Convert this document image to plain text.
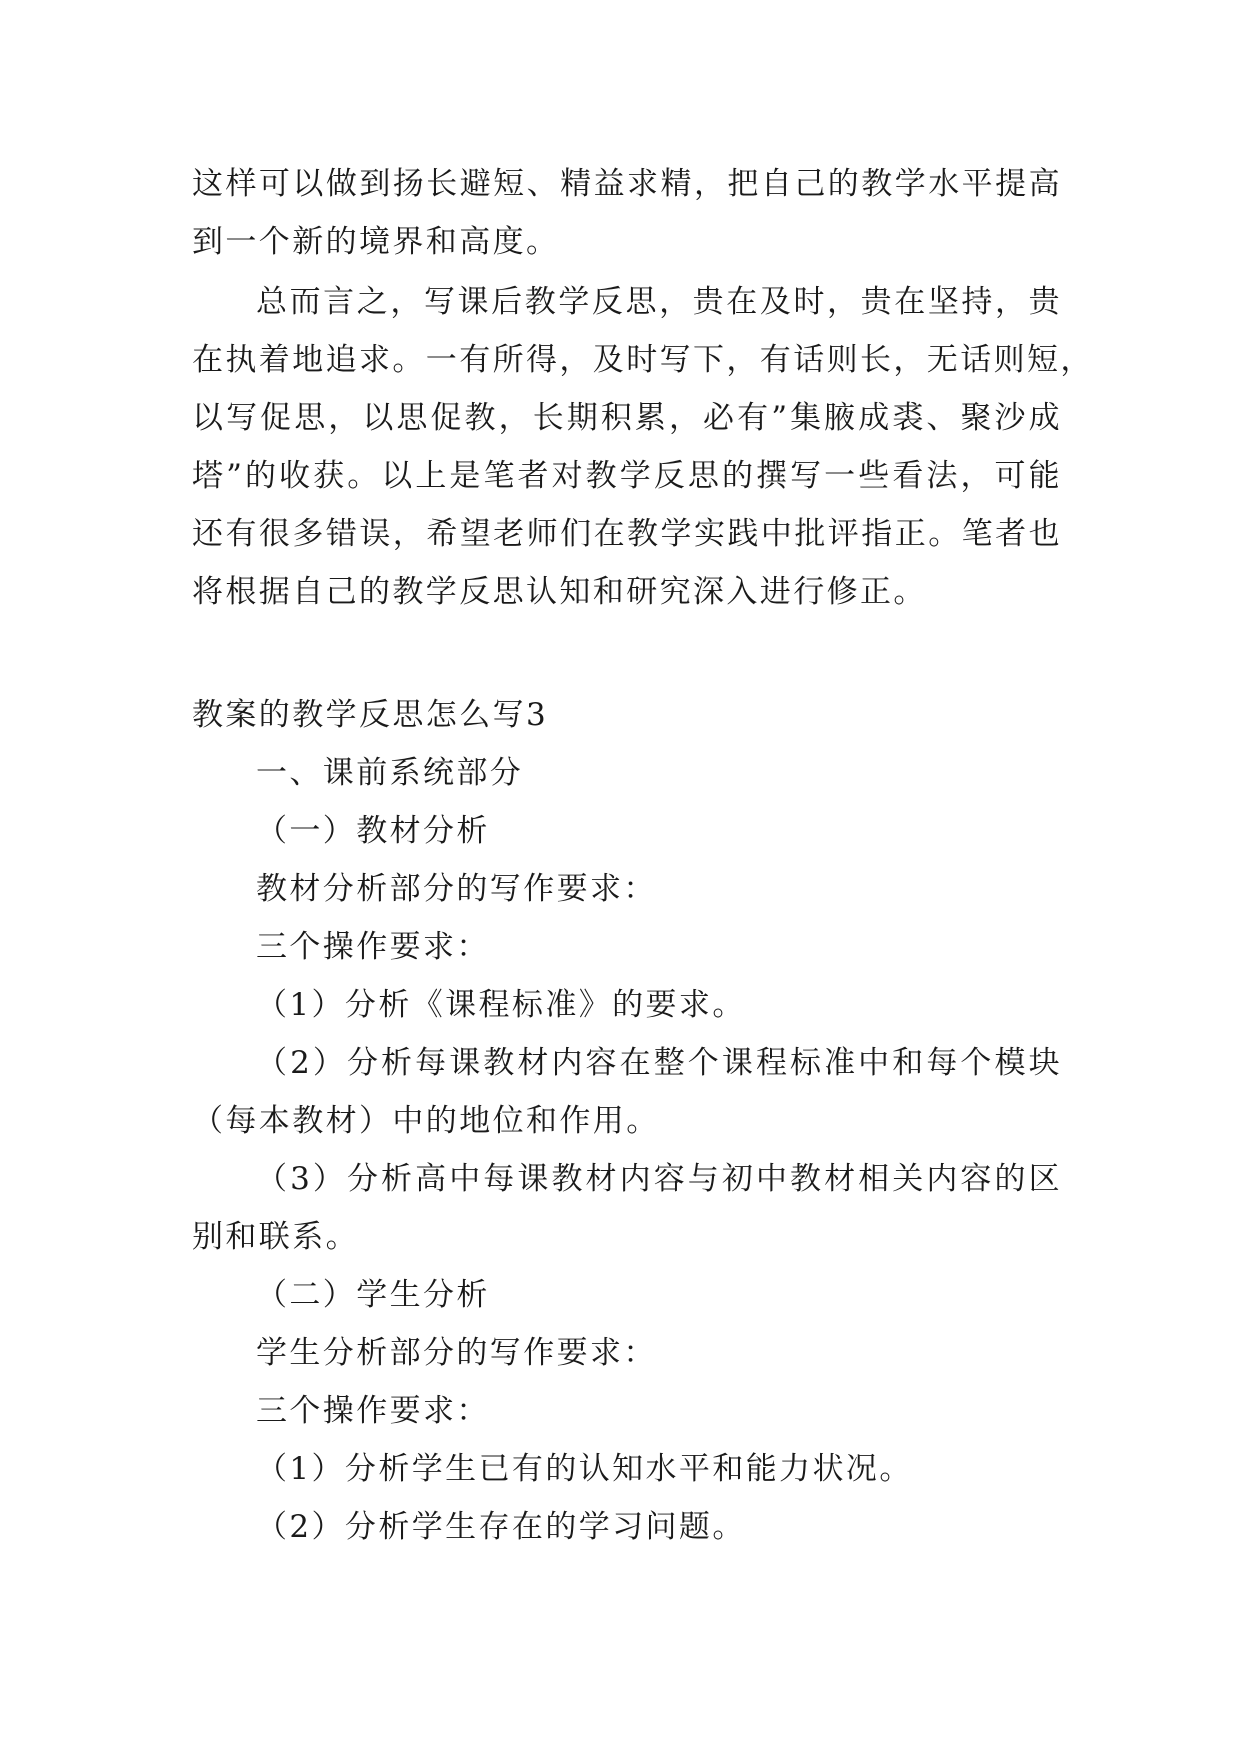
这样可以做到扬长避短、精益求精，把自己的教学水平提高
到一个新的境界和高度。
总而言之，写课后教学反思，贵在及时，贵在坚持，贵
在执着地追求。一有所得，及时写下，有话则长，无话则短，
以写促思，以思促教，长期积累，必有”集腋成裘、聚沙成
塔”的收获。以上是笔者对教学反思的撰写一些看法，可能
还有很多错误，希望老师们在教学实践中批评指正。笔者也
将根据自己的教学反思认知和研究深入进行修正。
教案的教学反思怎么写3
一、课前系统部分
（一）教材分析
教材分析部分的写作要求：
三个操作要求：
（1）分析《课程标准》的要求。
（2）分析每课教材内容在整个课程标准中和每个模块
（每本教材）中的地位和作用。
（3）分析高中每课教材内容与初中教材相关内容的区
别和联系。
（二）学生分析
学生分析部分的写作要求：
三个操作要求：
（1）分析学生已有的认知水平和能力状况。
（2）分析学生存在的学习问题。
